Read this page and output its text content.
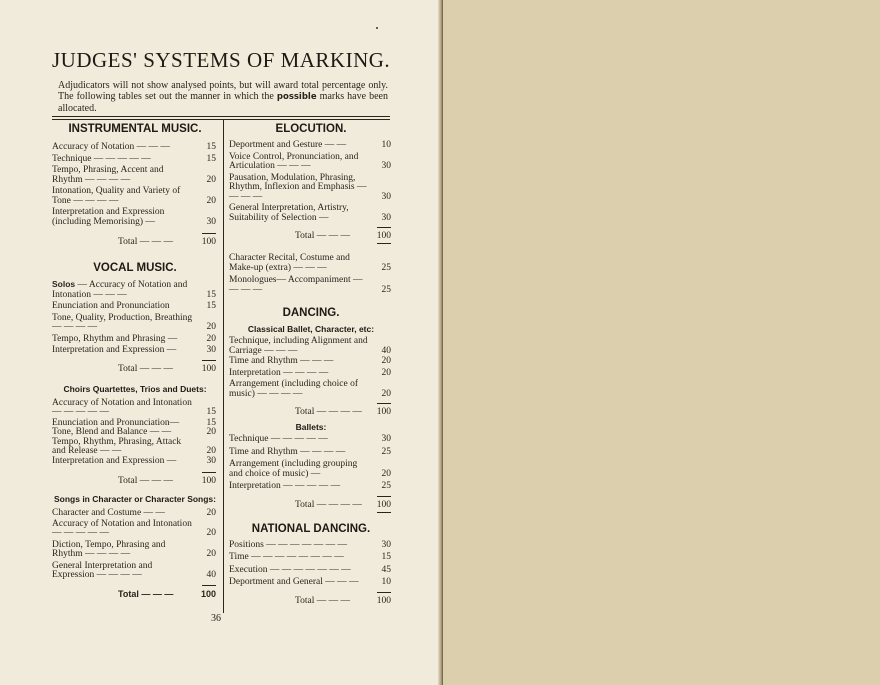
JUDGES' SYSTEMS OF MARKING.
Adjudicators will not show analysed points, but will award total percentage only. The following tables set out the manner in which the possible marks have been allocated.
INSTRUMENTAL MUSIC.
Accuracy of Notation — — —	15
Technique — — — — —	15
Tempo, Phrasing, Accent and Rhythm — — — —	20
Intonation, Quality and Variety of Tone — — — —	20
Interpretation and Expression (including Memorising) —	30
Total — — —	100
VOCAL MUSIC.
Solos — Accuracy of Notation and Intonation — — —	15
Enunciation and Pronunciation	15
Tone, Quality, Production, Breathing — — — —	20
Tempo, Rhythm and Phrasing —	20
Interpretation and Expression —	30
Total — — —	100
Choirs Quartettes, Trios and Duets:
Accuracy of Notation and Intonation — — — — —	15
Enunciation and Pronunciation—	15
Tone, Blend and Balance — —	20
Tempo, Rhythm, Phrasing, Attack and Release — —	20
Interpretation and Expression —	30
Total — — —	100
Songs in Character or Character Songs:
Character and Costume — —	20
Accuracy of Notation and Intonation — — — — —	20
Diction, Tempo, Phrasing and Rhythm — — — —	20
General Interpretation and Expression — — — —	40
Total — — —	100
ELOCUTION.
Deportment and Gesture — —	10
Voice Control, Pronunciation, and Articulation — — —	30
Pausation, Modulation, Phrasing, Rhythm, Inflexion and Emphasis — — — —	30
General Interpretation, Artistry, Suitability of Selection —	30
Total — — —	100
Character Recital, Costume and Make-up (extra) — — —	25
Monologues— Accompaniment — — — —	25
DANCING.
Classical Ballet, Character, etc:
Technique, including Alignment and Carriage — — —	40
Time and Rhythm — — —	20
Interpretation — — — —	20
Arrangement (including choice of music) — — — —	20
Total — — — — 100
Ballets:
Technique — — — — —	30
Time and Rhythm — — — —	25
Arrangement (including grouping and choice of music) —	20
Interpretation — — — — —	25
Total — — — — 100
NATIONAL DANCING.
Positions — — — — — — —	30
Time — — — — — — — —	15
Execution — — — — — — —	45
Deportment and General — — —	10
Total — — —	100
36
